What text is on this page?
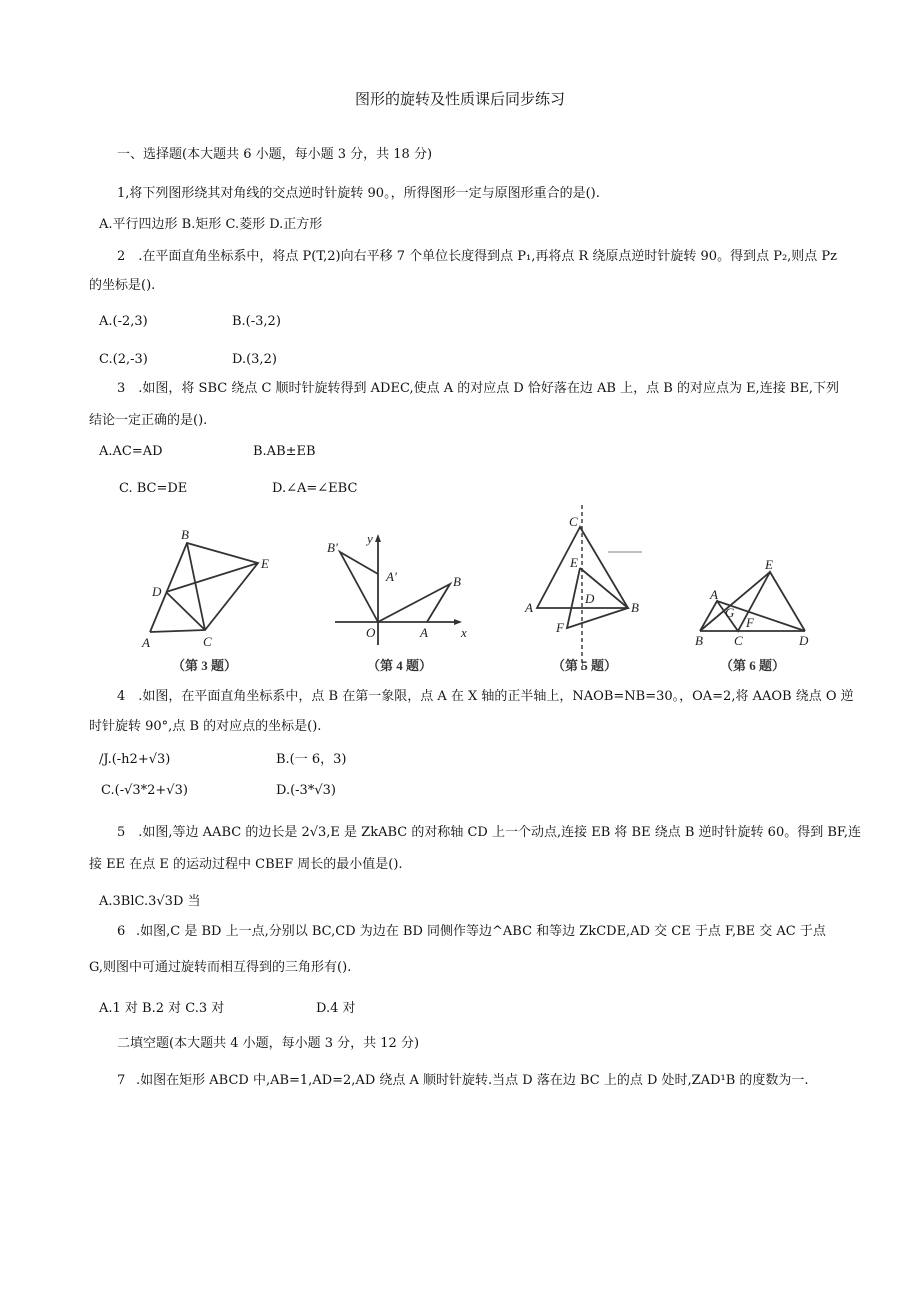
图形的旋转及性质课后同步练习
一、选择题(本大题共 6 小题，每小题 3 分，共 18 分)
1,将下列图形绕其对角线的交点逆时针旋转 90。，所得图形一定与原图形重合的是().
A.平行四边形 B.矩形 C.菱形 D.正方形
2　.在平面直角坐标系中，将点 P(T,2)向右平移 7 个单位长度得到点 P₁,再将点 R 绕原点逆时针旋转 90。得到点 P₂,则点 Pz
的坐标是().
A.(-2,3)	B.(-3,2)
C.(2,-3)	D.(3,2)
3　.如图，将 SBC 绕点 C 顺时针旋转得到 ADEC,使点 A 的对应点 D 恰好落在边 AB 上，点 B 的对应点为 E,连接 BE,下列
结论一定正确的是().
A.AC=AD	B.AB±EB
C. BC=DE	D.∠A=∠EBC
B
E
D
A	C
（第 3 题）
y
B'
A'	B
O	A	x
（第 4 题）
C
E
D
A	B
F
（第 5 题）
E
A
G
F
B C	D
（第 6 题）
4　.如图，在平面直角坐标系中，点 B 在第一象限，点 A 在 X 轴的正半轴上，NAOB=NB=30。，OA=2,将 AAOB 绕点 O 逆
时针旋转 90°,点 B 的对应点的坐标是().
/J.(-h2+√3)	B.(一 6，3)
C.(-√3*2+√3)	D.(-3*√3)
5　.如图,等边 AABC 的边长是 2√3,E 是 ZkABC 的对称轴 CD 上一个动点,连接 EB 将 BE 绕点 B 逆时针旋转 60。得到 BF,连
接 EE 在点 E 的运动过程中 CBEF 周长的最小值是().
A.3BlC.3√3D 当
6 .如图,C 是 BD 上一点,分别以 BC,CD 为边在 BD 同侧作等边^ABC 和等边 ZkCDE,AD 交 CE 于点 F,BE 交 AC 于点
G,则图中可通过旋转而相互得到的三角形有().
A.1 对 B.2 对 C.3 对	D.4 对
二填空题(本大题共 4 小题，每小题 3 分，共 12 分)
7 .如图在矩形 ABCD 中,AB=1,AD=2,AD 绕点 A 顺时针旋转.当点 D 落在边 BC 上的点 D 处时,ZAD¹B 的度数为一.
